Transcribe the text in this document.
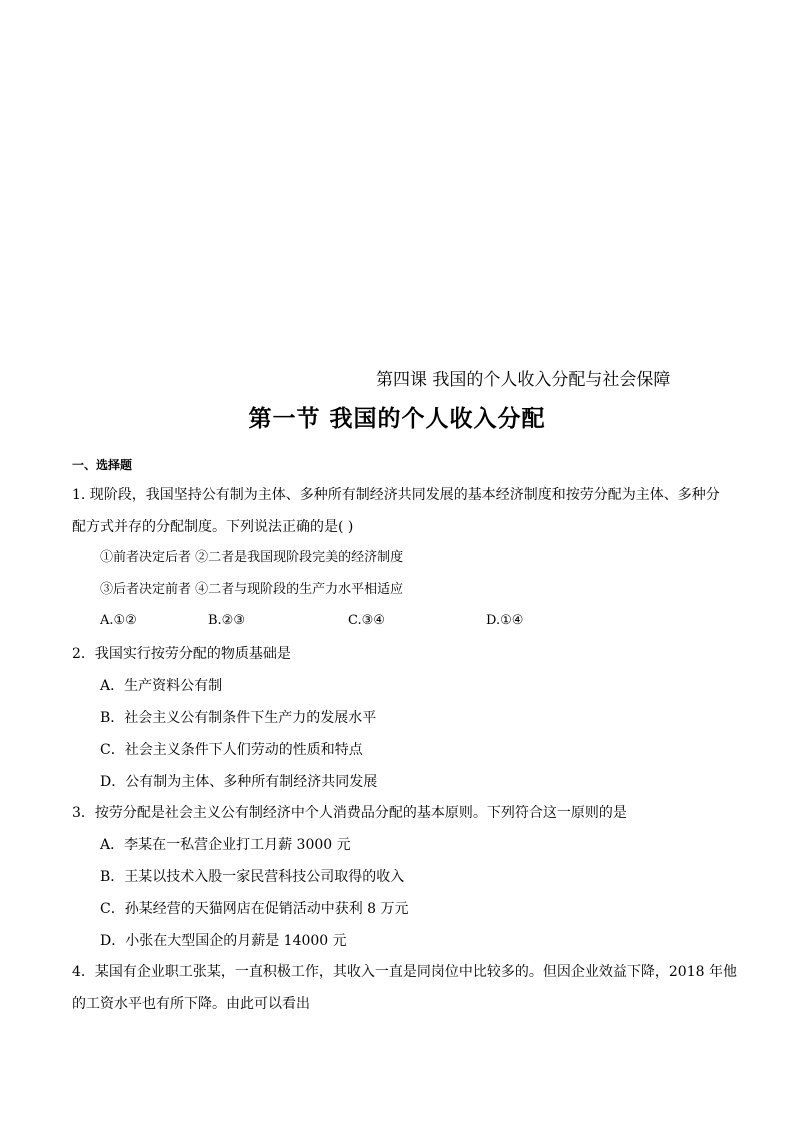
第四课 我国的个人收入分配与社会保障
第一节 我国的个人收入分配
一、选择题
1. 现阶段，我国坚持公有制为主体、多种所有制经济共同发展的基本经济制度和按劳分配为主体、多种分
配方式并存的分配制度。下列说法正确的是( )
①前者决定后者 ②二者是我国现阶段完美的经济制度
③后者决定前者 ④二者与现阶段的生产力水平相适应
A.①②	B.②③	C.③④	D.①④
2．我国实行按劳分配的物质基础是
A．生产资料公有制
B．社会主义公有制条件下生产力的发展水平
C．社会主义条件下人们劳动的性质和特点
D．公有制为主体、多种所有制经济共同发展
3．按劳分配是社会主义公有制经济中个人消费品分配的基本原则。下列符合这一原则的是
A．李某在一私营企业打工月薪 3000 元
B．王某以技术入股一家民营科技公司取得的收入
C．孙某经营的天猫网店在促销活动中获利 8 万元
D．小张在大型国企的月薪是 14000 元
4．某国有企业职工张某，一直积极工作，其收入一直是同岗位中比较多的。但因企业效益下降，2018 年他
的工资水平也有所下降。由此可以看出
